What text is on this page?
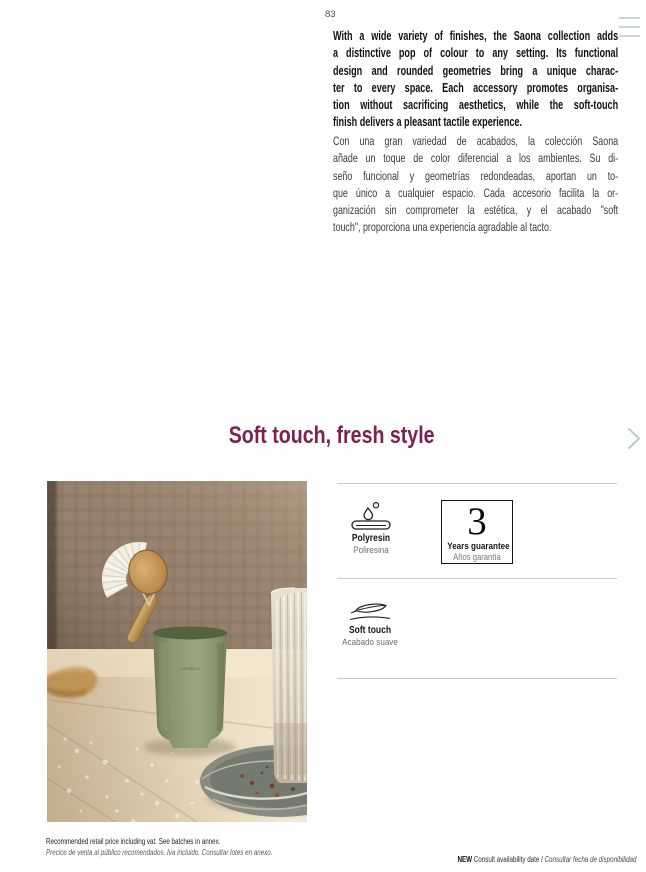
83
With a wide variety of finishes, the Saona collection adds
a distinctive pop of colour to any setting. Its functional
design and rounded geometries bring a unique charac-
ter to every space. Each accessory promotes organisa-
tion without sacrificing aesthetics, while the soft-touch
finish delivers a pleasant tactile experience.
Con una gran variedad de acabados, la colección Saona
añade un toque de color diferencial a los ambientes. Su di-
seño funcional y geometrías redondeadas, aportan un to-
que único a cualquier espacio. Cada accesorio facilita la or-
ganización sin comprometer la estética, y el acabado "soft
touch", proporciona una experiencia agradable al tacto.
Soft touch, fresh style
Polyresin
Poliresina
3
Years guarantee
Años garantía
Soft touch
Acabado suave
Recommended retail price including vat. See batches in annex.
Precios de venta al público recomendados. Iva incluido. Consultar lotes en anexo.
NEW Consult availability date / Consultar fecha de disponibilidad
